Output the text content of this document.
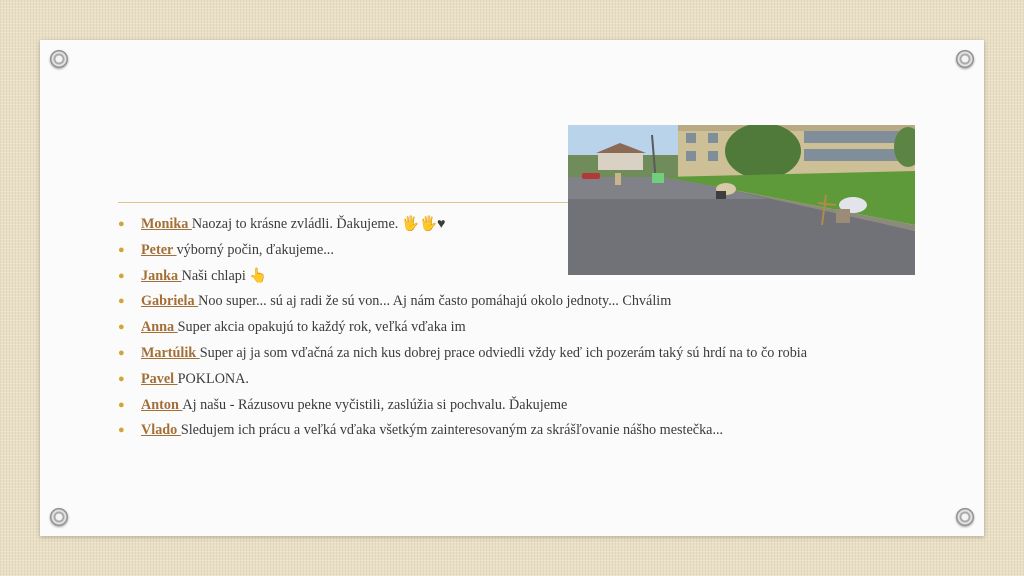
● Monika Naozaj to krásne zvládli. Ďakujeme. 🖐🖐♥
● Peter výborný počin, ďakujeme...
● Janka Naši chlapi 👆
● Gabriela Noo super... sú aj radi že sú von... Aj nám často pomáhajú okolo jednoty... Chválim
● Anna Super akcia opakujú to každý rok, veľká vďaka im
● Martúlik Super aj ja som vďačná za nich kus dobrej prace odviedli vždy keď ich pozerám taký sú hrdí na to čo robia
● Pavel POKLONA.
● Anton Aj našu - Rázusovu pekne vyčistili, zaslúžia si pochvalu. Ďakujeme
● Vlado Sledujem ich prácu a veľká vďaka všetkým zainteresovaným za skrášľovanie nášho mestečka...
